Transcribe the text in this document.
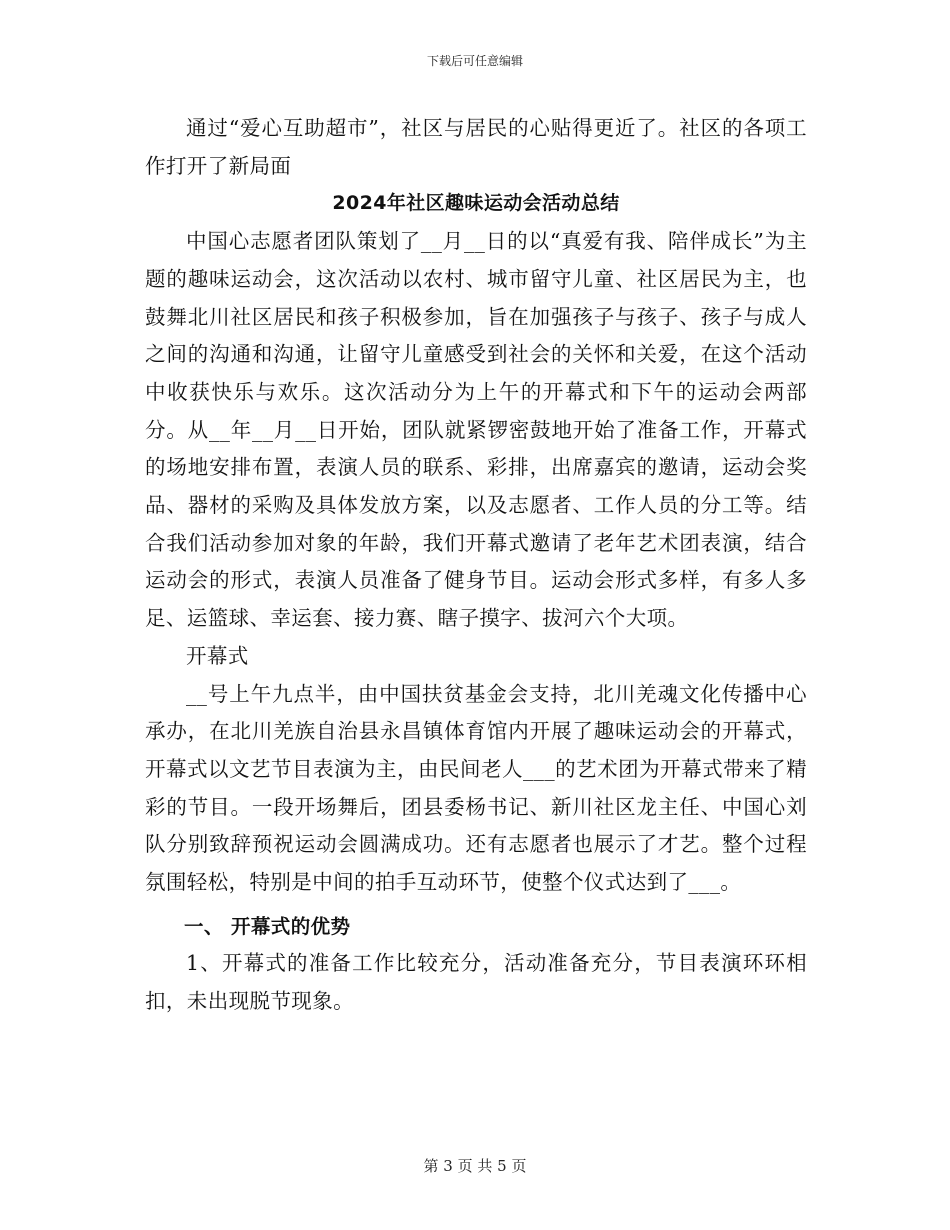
下载后可任意编辑

通过“爱心互助超市”，社区与居民的心贴得更近了。社区的各项工作打开了新局面

2024年社区趣味运动会活动总结

中国心志愿者团队策划了__月__日的以“真爱有我、陪伴成长”为主题的趣味运动会，这次活动以农村、城市留守儿童、社区居民为主，也鼓舞北川社区居民和孩子积极参加，旨在加强孩子与孩子、孩子与成人之间的沟通和沟通，让留守儿童感受到社会的关怀和关爱，在这个活动中收获快乐与欢乐。这次活动分为上午的开幕式和下午的运动会两部分。从__年__月__日开始，团队就紧锣密鼓地开始了准备工作，开幕式的场地安排布置，表演人员的联系、彩排，出席嘉宾的邀请，运动会奖品、器材的采购及具体发放方案，以及志愿者、工作人员的分工等。结合我们活动参加对象的年龄，我们开幕式邀请了老年艺术团表演，结合运动会的形式，表演人员准备了健身节目。运动会形式多样，有多人多足、运篮球、幸运套、接力赛、瞎子摸字、拔河六个大项。

开幕式

__号上午九点半，由中国扶贫基金会支持，北川羌魂文化传播中心承办，在北川羌族自治县永昌镇体育馆内开展了趣味运动会的开幕式，开幕式以文艺节目表演为主，由民间老人___的艺术团为开幕式带来了精彩的节目。一段开场舞后，团县委杨书记、新川社区龙主任、中国心刘队分别致辞预祝运动会圆满成功。还有志愿者也展示了才艺。整个过程氛围轻松，特别是中间的拍手互动环节，使整个仪式达到了___。

一、 开幕式的优势

1、开幕式的准备工作比较充分，活动准备充分，节目表演环环相扣，未出现脱节现象。

第 3 页 共 5 页
